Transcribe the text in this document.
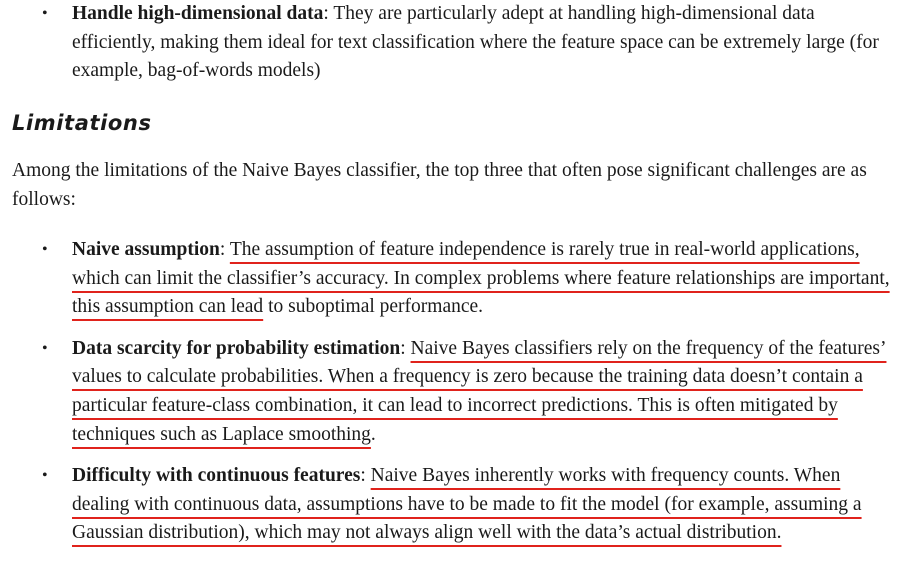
• Handle high-dimensional data: They are particularly adept at handling high-dimensional data efficiently, making them ideal for text classification where the feature space can be extremely large (for example, bag-of-words models)
Limitations

Among the limitations of the Naive Bayes classifier, the top three that often pose significant challenges are as follows:

• Naive assumption: The assumption of feature independence is rarely true in real-world applications, which can limit the classifier’s accuracy. In complex problems where feature relationships are important, this assumption can lead to suboptimal performance.
• Data scarcity for probability estimation: Naive Bayes classifiers rely on the frequency of the features’ values to calculate probabilities. When a frequency is zero because the training data doesn’t contain a particular feature-class combination, it can lead to incorrect predictions. This is often mitigated by techniques such as Laplace smoothing.
• Difficulty with continuous features: Naive Bayes inherently works with frequency counts. When dealing with continuous data, assumptions have to be made to fit the model (for example, assuming a Gaussian distribution), which may not always align well with the data’s actual distribution.
